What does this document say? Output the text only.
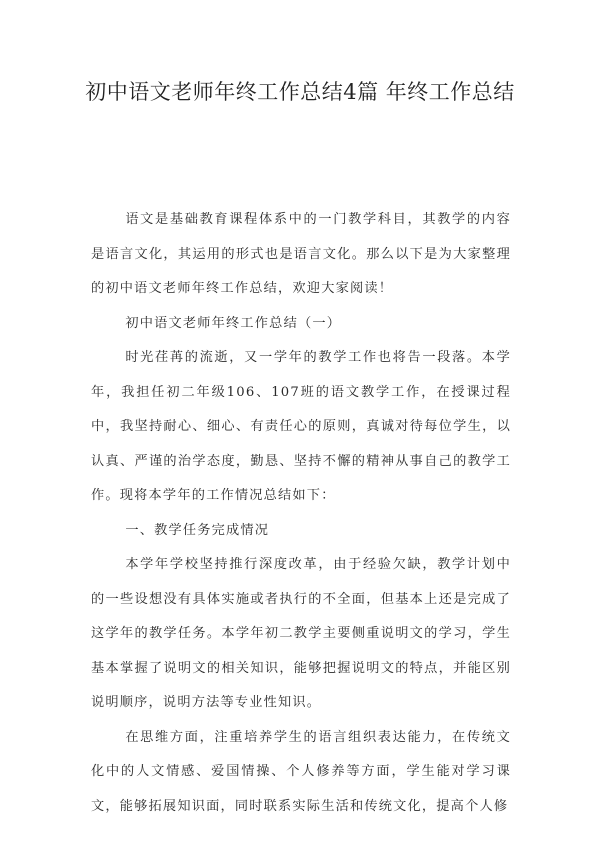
初中语文老师年终工作总结4篇 年终工作总结

语文是基础教育课程体系中的一门教学科目，其教学的内容是语言文化，其运用的形式也是语言文化。那么以下是为大家整理的初中语文老师年终工作总结，欢迎大家阅读！

初中语文老师年终工作总结（一）

时光荏苒的流逝，又一学年的教学工作也将告一段落。本学年，我担任初二年级106、107班的语文教学工作，在授课过程中，我坚持耐心、细心、有责任心的原则，真诚对待每位学生，以认真、严谨的治学态度，勤恳、坚持不懈的精神从事自己的教学工作。现将本学年的工作情况总结如下：

一、教学任务完成情况

本学年学校坚持推行深度改革，由于经验欠缺，教学计划中的一些设想没有具体实施或者执行的不全面，但基本上还是完成了这学年的教学任务。本学年初二教学主要侧重说明文的学习，学生基本掌握了说明文的相关知识，能够把握说明文的特点，并能区别说明顺序，说明方法等专业性知识。

在思维方面，注重培养学生的语言组织表达能力，在传统文化中的人文情感、爱国情操、个人修养等方面，学生能对学习课文，能够拓展知识面，同时联系实际生活和传统文化，提高个人修
